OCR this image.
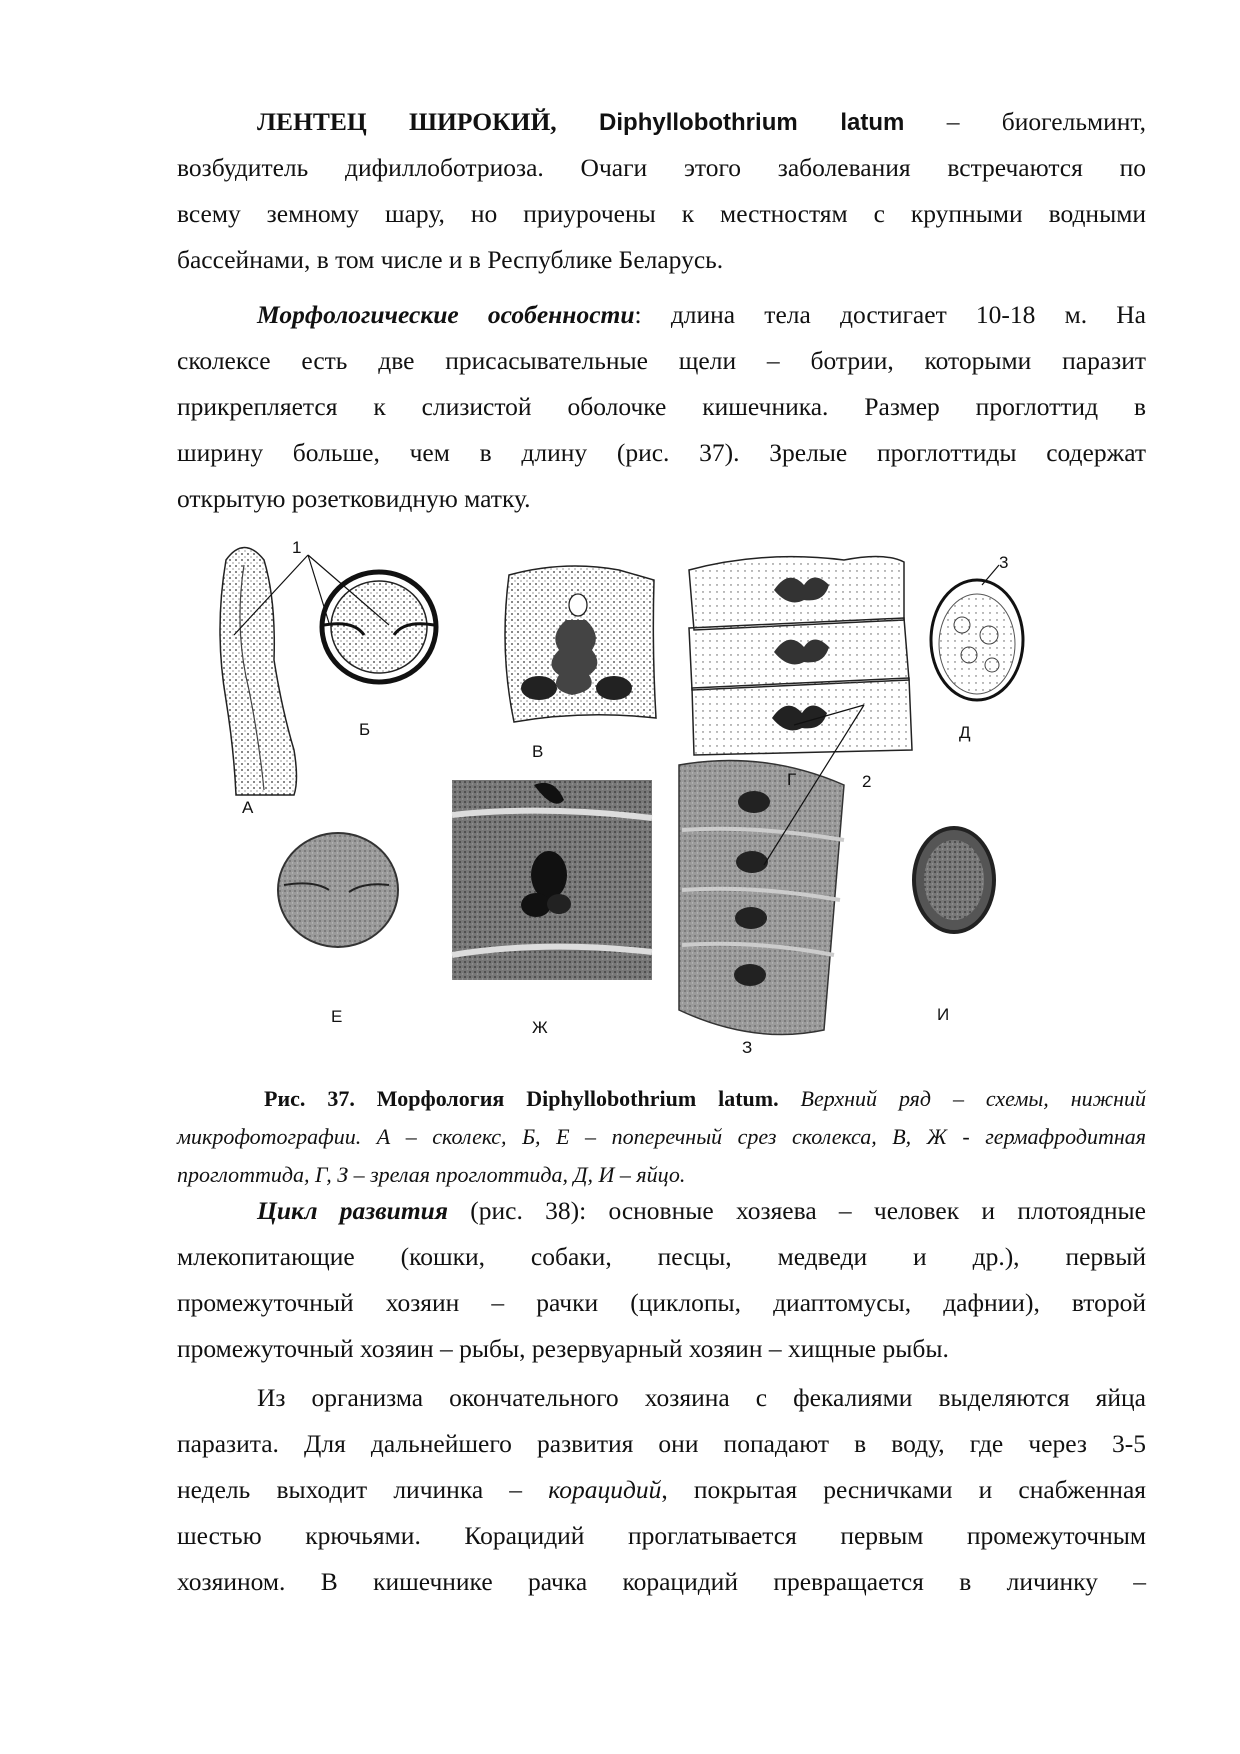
ЛЕНТЕЦ ШИРОКИЙ, Diphyllobothrium latum – биогельминт,
возбудитель дифиллоботриоза. Очаги этого заболевания встречаются по
всему земному шару, но приурочены к местностям с крупными водными
бассейнами, в том числе и в Республике Беларусь.
Морфологические особенности: длина тела достигает 10-18 м. На
сколексе есть две присасывательные щели – ботрии, которыми паразит
прикрепляется к слизистой оболочке кишечника. Размер проглоттид в
ширину больше, чем в длину (рис. 37). Зрелые проглоттиды содержат
открытую розетковидную матку.
1
Б
А
В
Г	2
3
Д
Е
Ж
З
И
Рис. 37. Морфология Diphyllobothrium latum. Верхний ряд – схемы, нижний
микрофотографии. А – сколекс, Б, Е – поперечный срез сколекса, В, Ж - гермафродитная
проглоттида, Г, З – зрелая проглоттида, Д, И – яйцо.
Цикл развития (рис. 38): основные хозяева – человек и плотоядные
млекопитающие (кошки, собаки, песцы, медведи и др.), первый
промежуточный хозяин – рачки (циклопы, диаптомусы, дафнии), второй
промежуточный хозяин – рыбы, резервуарный хозяин – хищные рыбы.
Из организма окончательного хозяина с фекалиями выделяются яйца
паразита. Для дальнейшего развития они попадают в воду, где через 3-5
недель выходит личинка – корацидий, покрытая ресничками и снабженная
шестью крючьями. Корацидий проглатывается первым промежуточным
хозяином. В кишечнике рачка корацидий превращается в личинку –
